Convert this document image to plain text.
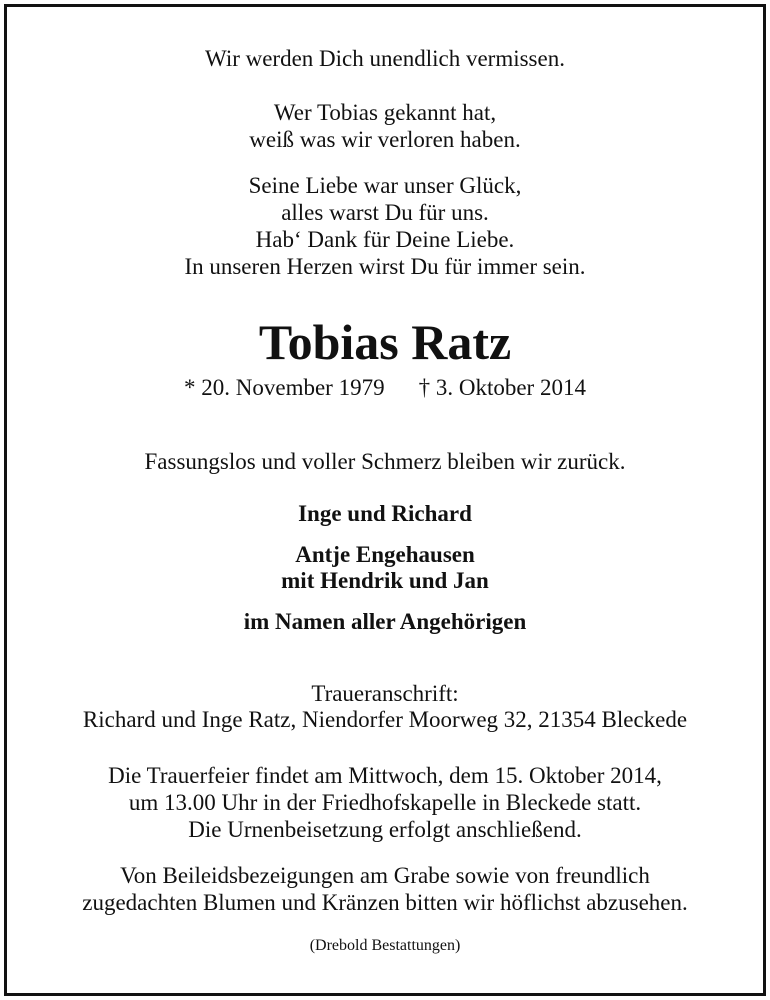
Wir werden Dich unendlich vermissen.
Wer Tobias gekannt hat,
weiß was wir verloren haben.
Seine Liebe war unser Glück,
alles warst Du für uns.
Hab‘ Dank für Deine Liebe.
In unseren Herzen wirst Du für immer sein.
Tobias Ratz
* 20. November 1979 † 3. Oktober 2014
Fassungslos und voller Schmerz bleiben wir zurück.
Inge und Richard
Antje Engehausen
mit Hendrik und Jan
im Namen aller Angehörigen
Traueranschrift:
Richard und Inge Ratz, Niendorfer Moorweg 32, 21354 Bleckede
Die Trauerfeier findet am Mittwoch, dem 15. Oktober 2014,
um 13.00 Uhr in der Friedhofskapelle in Bleckede statt.
Die Urnenbeisetzung erfolgt anschließend.
Von Beileidsbezeigungen am Grabe sowie von freundlich
zugedachten Blumen und Kränzen bitten wir höflichst abzusehen.
(Drebold Bestattungen)
